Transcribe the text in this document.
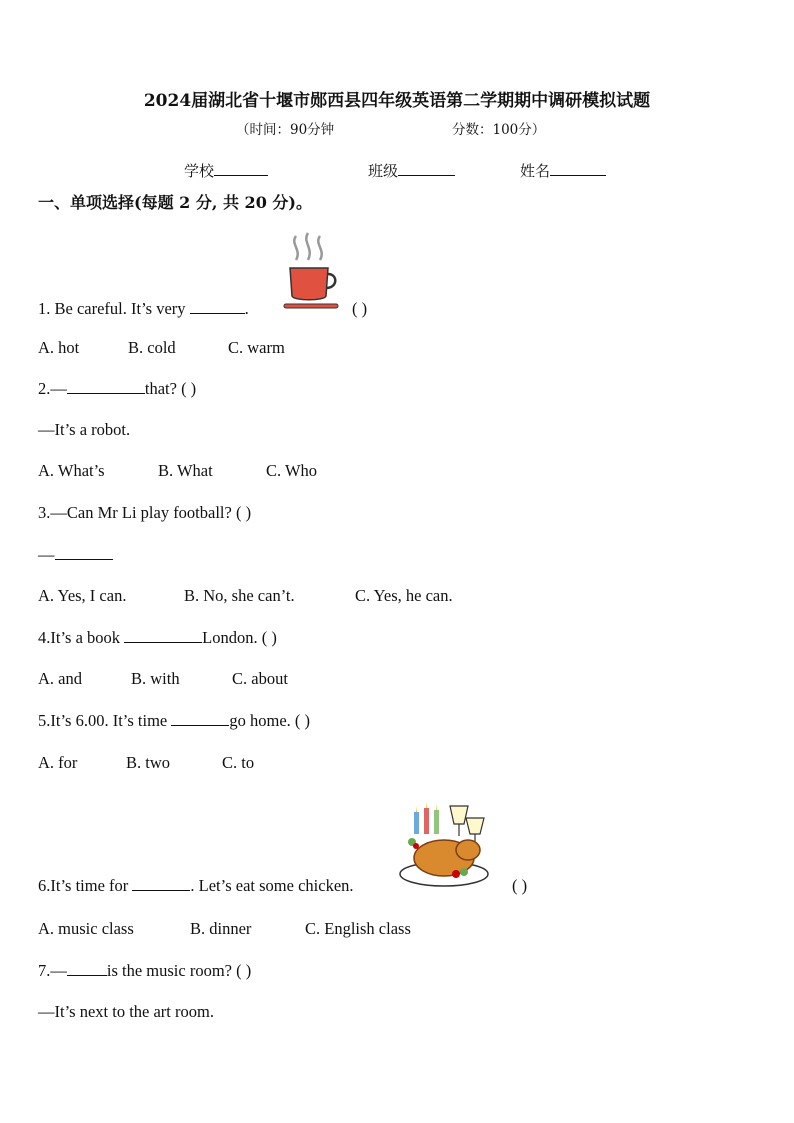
2024届湖北省十堰市郧西县四年级英语第二学期期中调研模拟试题
（时间：90分钟	分数：100分）
学校	班级	姓名
一、单项选择(每题 2 分, 共 20 分)。
1. Be careful. It’s very	.	( )
A. hot	B. cold	C. warm
2.—	that? ( )
—It’s a robot.
A. What’s	B. What	C. Who
3.—Can Mr Li play football? ( )
—
A. Yes, I can.	B. No, she can’t.	C. Yes, he can.
4.It’s a book	London. ( )
A. and	B. with	C. about
5.It’s 6.00. It’s time	go home. ( )
A. for	B. two	C. to
6.It’s time for	. Let’s eat some chicken.	( )
A. music class	B. dinner	C. English class
7.— is the music room? ( )
—It’s next to the art room.
